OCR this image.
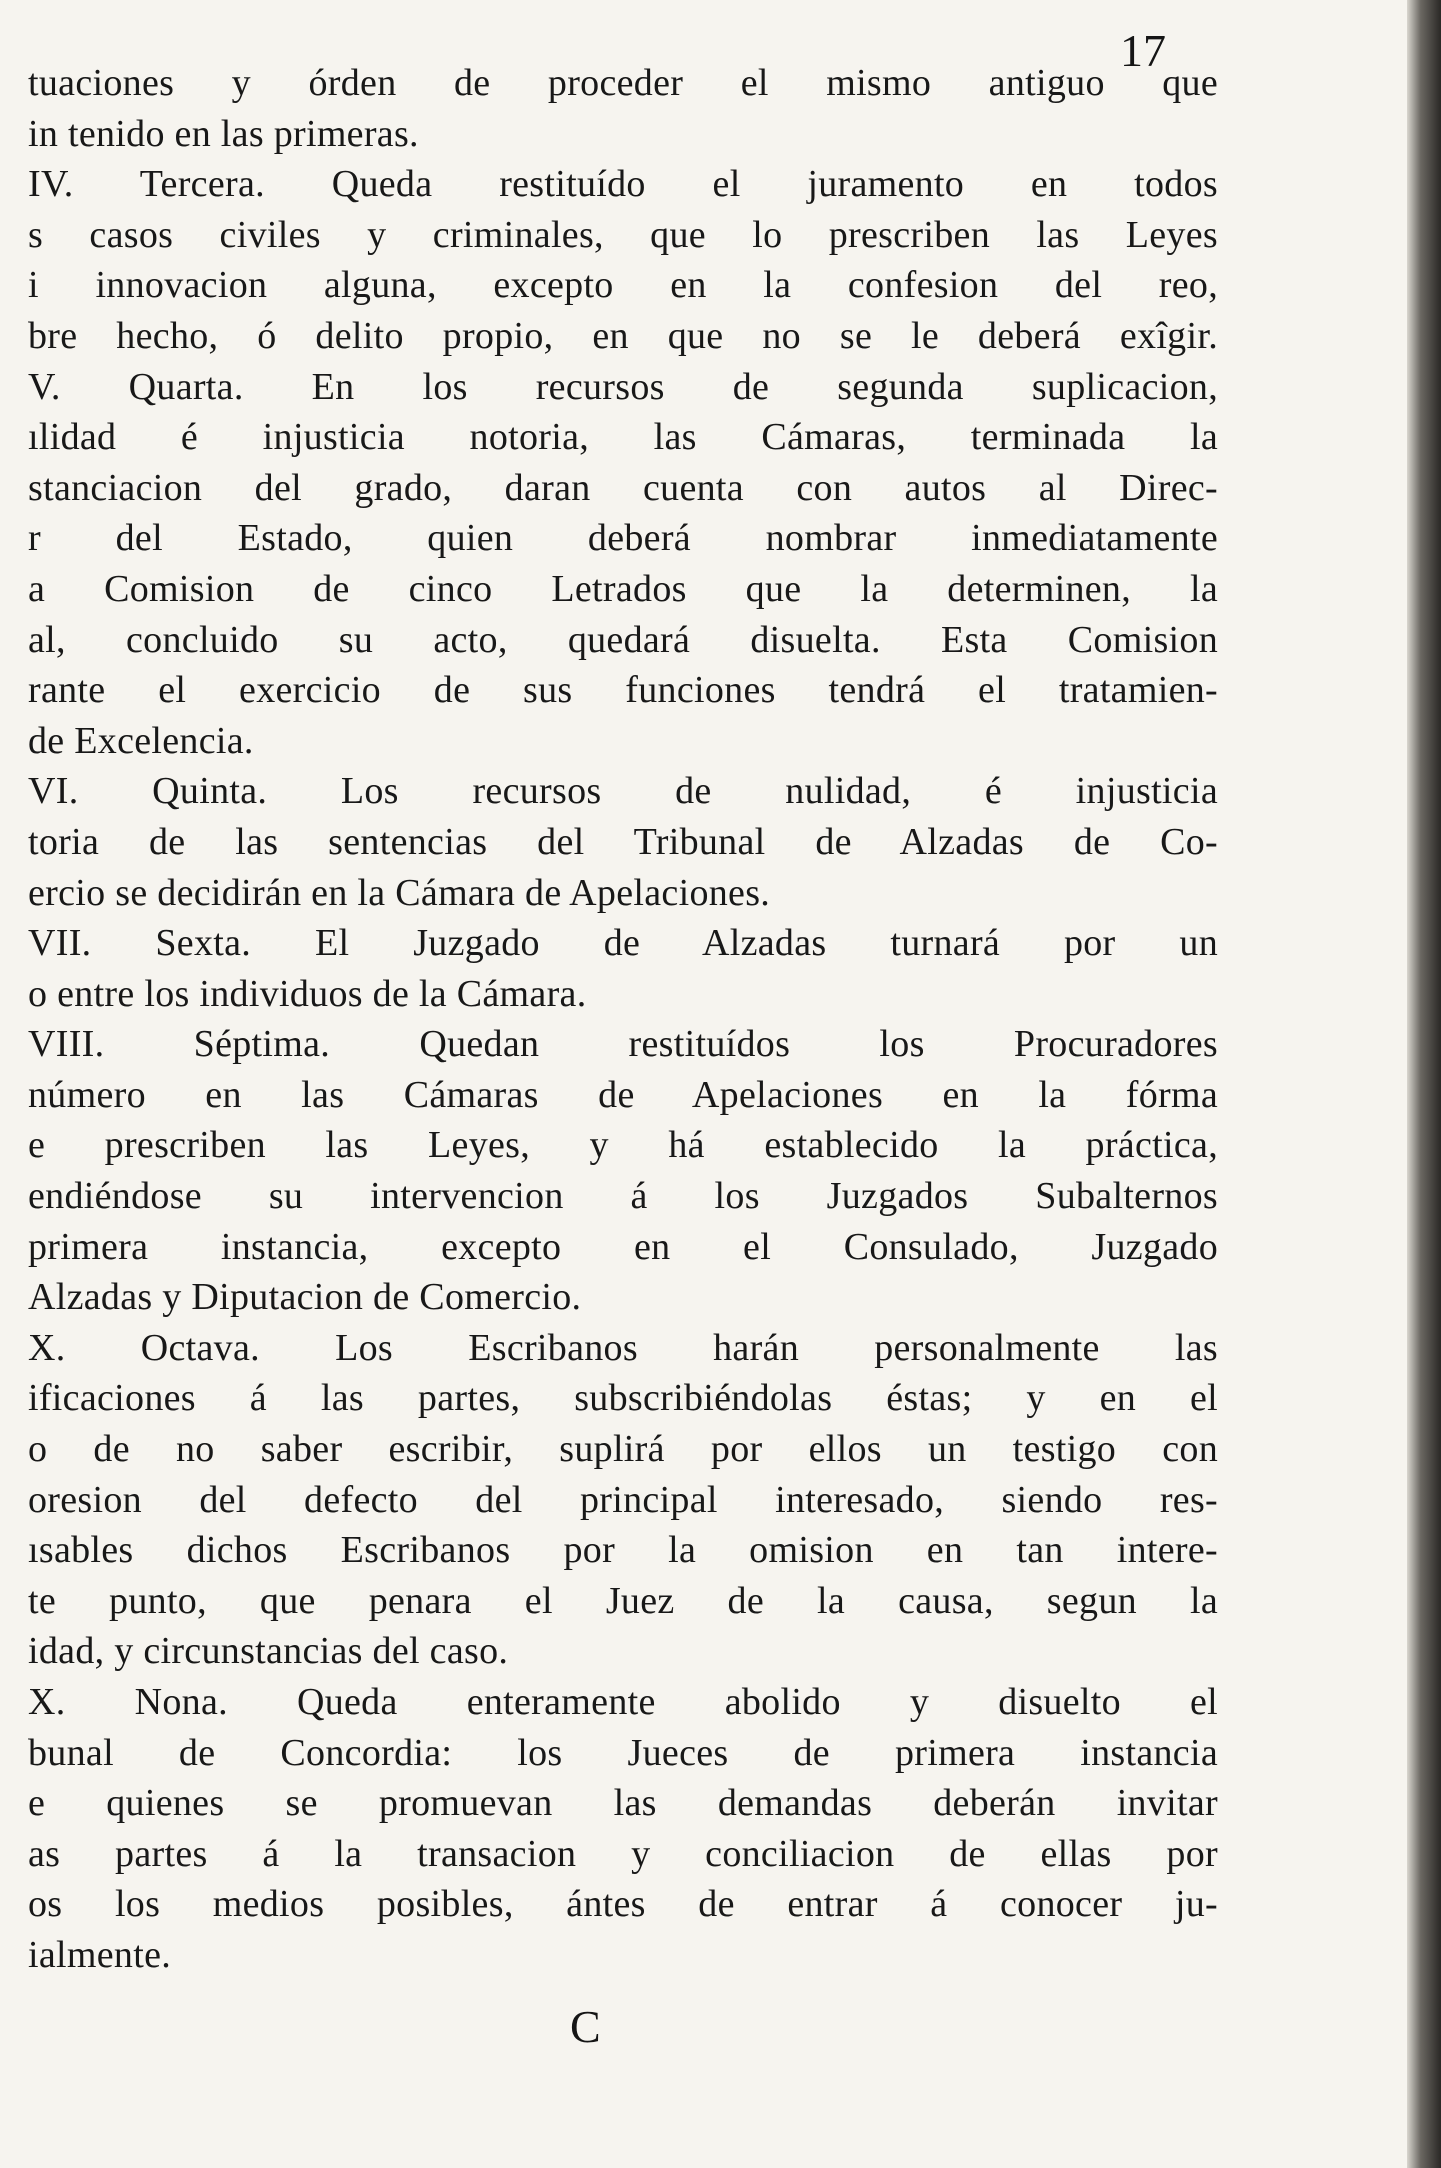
17
tuaciones y órden de proceder el mismo antiguo que
in tenido en las primeras.
IV. Tercera. Queda restituído el juramento en todos
s casos civiles y criminales, que lo prescriben las Leyes
i innovacion alguna, excepto en la confesion del reo,
bre hecho, ó delito propio, en que no se le deberá exîgir.
V. Quarta. En los recursos de segunda suplicacion,
ılidad é injusticia notoria, las Cámaras, terminada la
stanciacion del grado, daran cuenta con autos al Direc-
r del Estado, quien deberá nombrar inmediatamente
a Comision de cinco Letrados que la determinen, la
al, concluido su acto, quedará disuelta. Esta Comision
rante el exercicio de sus funciones tendrá el tratamien-
de Excelencia.
VI. Quinta. Los recursos de nulidad, é injusticia
toria de las sentencias del Tribunal de Alzadas de Co-
ercio se decidirán en la Cámara de Apelaciones.
VII. Sexta. El Juzgado de Alzadas turnará por un
o entre los individuos de la Cámara.
VIII. Séptima. Quedan restituídos los Procuradores
número en las Cámaras de Apelaciones en la fórma
e prescriben las Leyes, y há establecido la práctica,
endiéndose su intervencion á los Juzgados Subalternos
primera instancia, excepto en el Consulado, Juzgado
Alzadas y Diputacion de Comercio.
X. Octava. Los Escribanos harán personalmente las
ificaciones á las partes, subscribiéndolas éstas; y en el
o de no saber escribir, suplirá por ellos un testigo con
oresion del defecto del principal interesado, siendo res-
ısables dichos Escribanos por la omision en tan intere-
te punto, que penara el Juez de la causa, segun la
idad, y circunstancias del caso.
X. Nona. Queda enteramente abolido y disuelto el
bunal de Concordia: los Jueces de primera instancia
e quienes se promuevan las demandas deberán invitar
as partes á la transacion y conciliacion de ellas por
os los medios posibles, ántes de entrar á conocer ju-
ialmente.
C
